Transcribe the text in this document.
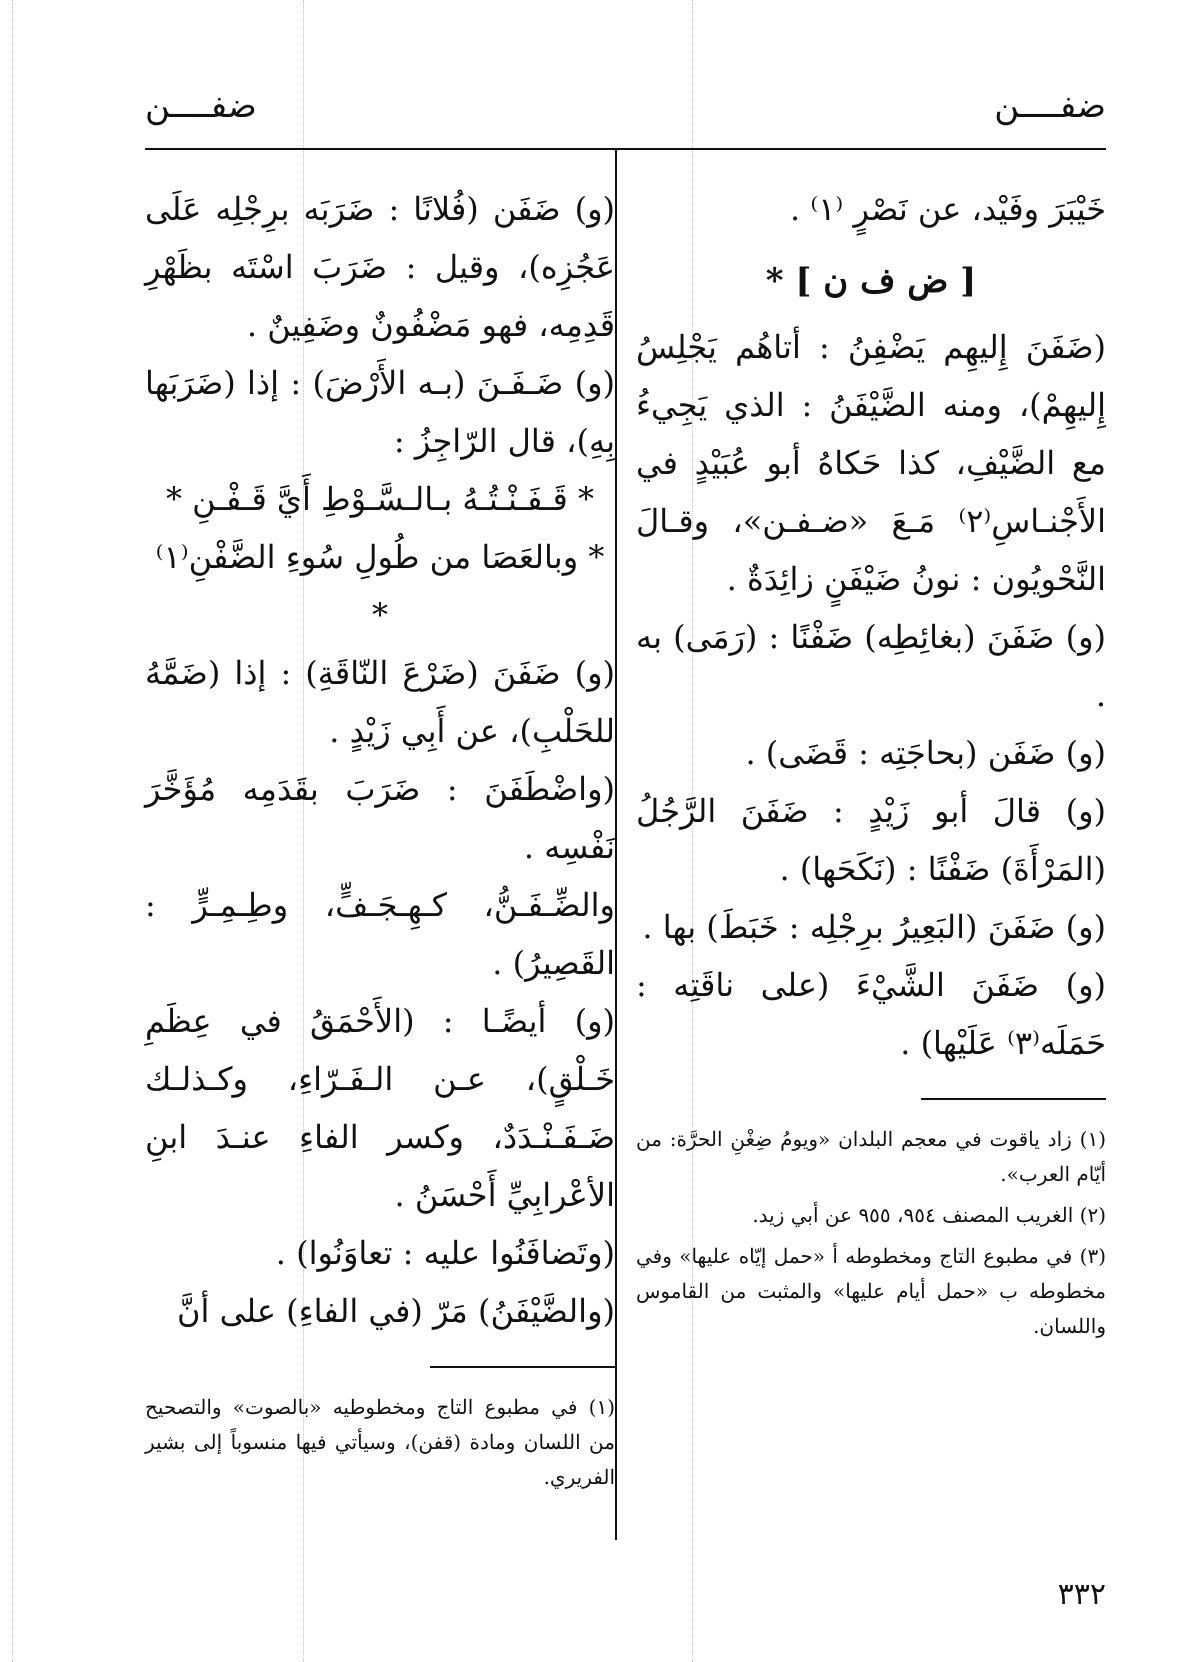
ضفــــن
ضفــــن

خَيْبَرَ وفَيْد، عن نَصْرٍ ⁽١⁾ .

[ ض ف ن ] *

(ضَفَنَ إِليهِم يَضْفِنُ : أتاهُم يَجْلِسُ إِليهِمْ)، ومنه الضَّيْفَنُ : الذي يَجِيءُ مع الضَّيْفِ، كذا حَكاهُ أبو عُبَيْدٍ في الأَجْنـاسِ⁽٢⁾ مَـعَ «ضـفـن»، وقـالَ النَّحْويُون : نونُ ضَيْفَنٍ زائِدَةٌ .

(و) ضَفَنَ (بغائِطِه) ضَفْنًا : (رَمَى) به .

(و) ضَفَن (بحاجَتِه : قَضَى) .

(و) قالَ أبو زَيْدٍ : ضَفَنَ الرَّجُلُ (المَرْأَةَ) ضَفْنًا : (نَكَحَها) .

(و) ضَفَنَ (البَعِيرُ برِجْلِه : خَبَطَ) بها .

(و) ضَفَنَ الشَّيْءَ (على ناقَتِه : حَمَلَه⁽٣⁾ عَلَيْها) .

(١) زاد ياقوت في معجم البلدان «ويومُ ضِغْنِ الحرَّة: من أيّام العرب».

(٢) الغريب المصنف ٩٥٤، ٩٥٥ عن أبي زيد.

(٣) في مطبوع التاج ومخطوطه أ «حمل إيّاه عليها» وفي مخطوطه ب «حمل أيام عليها» والمثبت من القاموس واللسان.

(و) ضَفَن (فُلانًا : ضَرَبَه برِجْلِه عَلَى عَجُزِه)، وقيل : ضَرَبَ اسْتَه بظَهْرِ قَدِمِه، فهو مَضْفُونٌ وضَفِينٌ .

(و) ضَـفَـنَ (بـه الأَرْضَ) : إذا (ضَرَبَها بِهِ)، قال الرّاجِزُ :

* قَـفَـنْـتُـهُ بـالـسَّـوْطِ أَيَّ قَـفْـنِ *

* وبالعَصَا من طُولِ سُوءِ الضَّفْنِ⁽١⁾ *

(و) ضَفَنَ (ضَرْعَ النّاقَةِ) : إذا (ضَمَّهُ للحَلْبِ)، عن أَبِي زَيْدٍ .

(واضْطَفَنَ : ضَرَبَ بقَدَمِه مُؤَخَّرَ نَفْسِه .

والضِّـفَـنُّ، كـهِـجَـفٍّ، وطِـمِـرٍّ : القَصِيرُ) .

(و) أيضًـا : (الأَحْمَقُ في عِظَمِ خَـلْقٍ)، عـن الـفَـرّاءِ، وكـذلـك ضَـفَـنْـدَدٌ، وكسر الفاءِ عنـدَ ابنِ الأعْرابِيِّ أَحْسَنُ .

(وتَضافَنُوا عليه : تعاوَنُوا) .

(والضَّيْفَنُ) مَرّ (في الفاءِ) على أنَّ

(١) في مطبوع التاج ومخطوطيه «بالصوت» والتصحيح من اللسان ومادة (قفن)، وسيأتي فيها منسوباً إلى بشير الفريري.

٣٣٢
